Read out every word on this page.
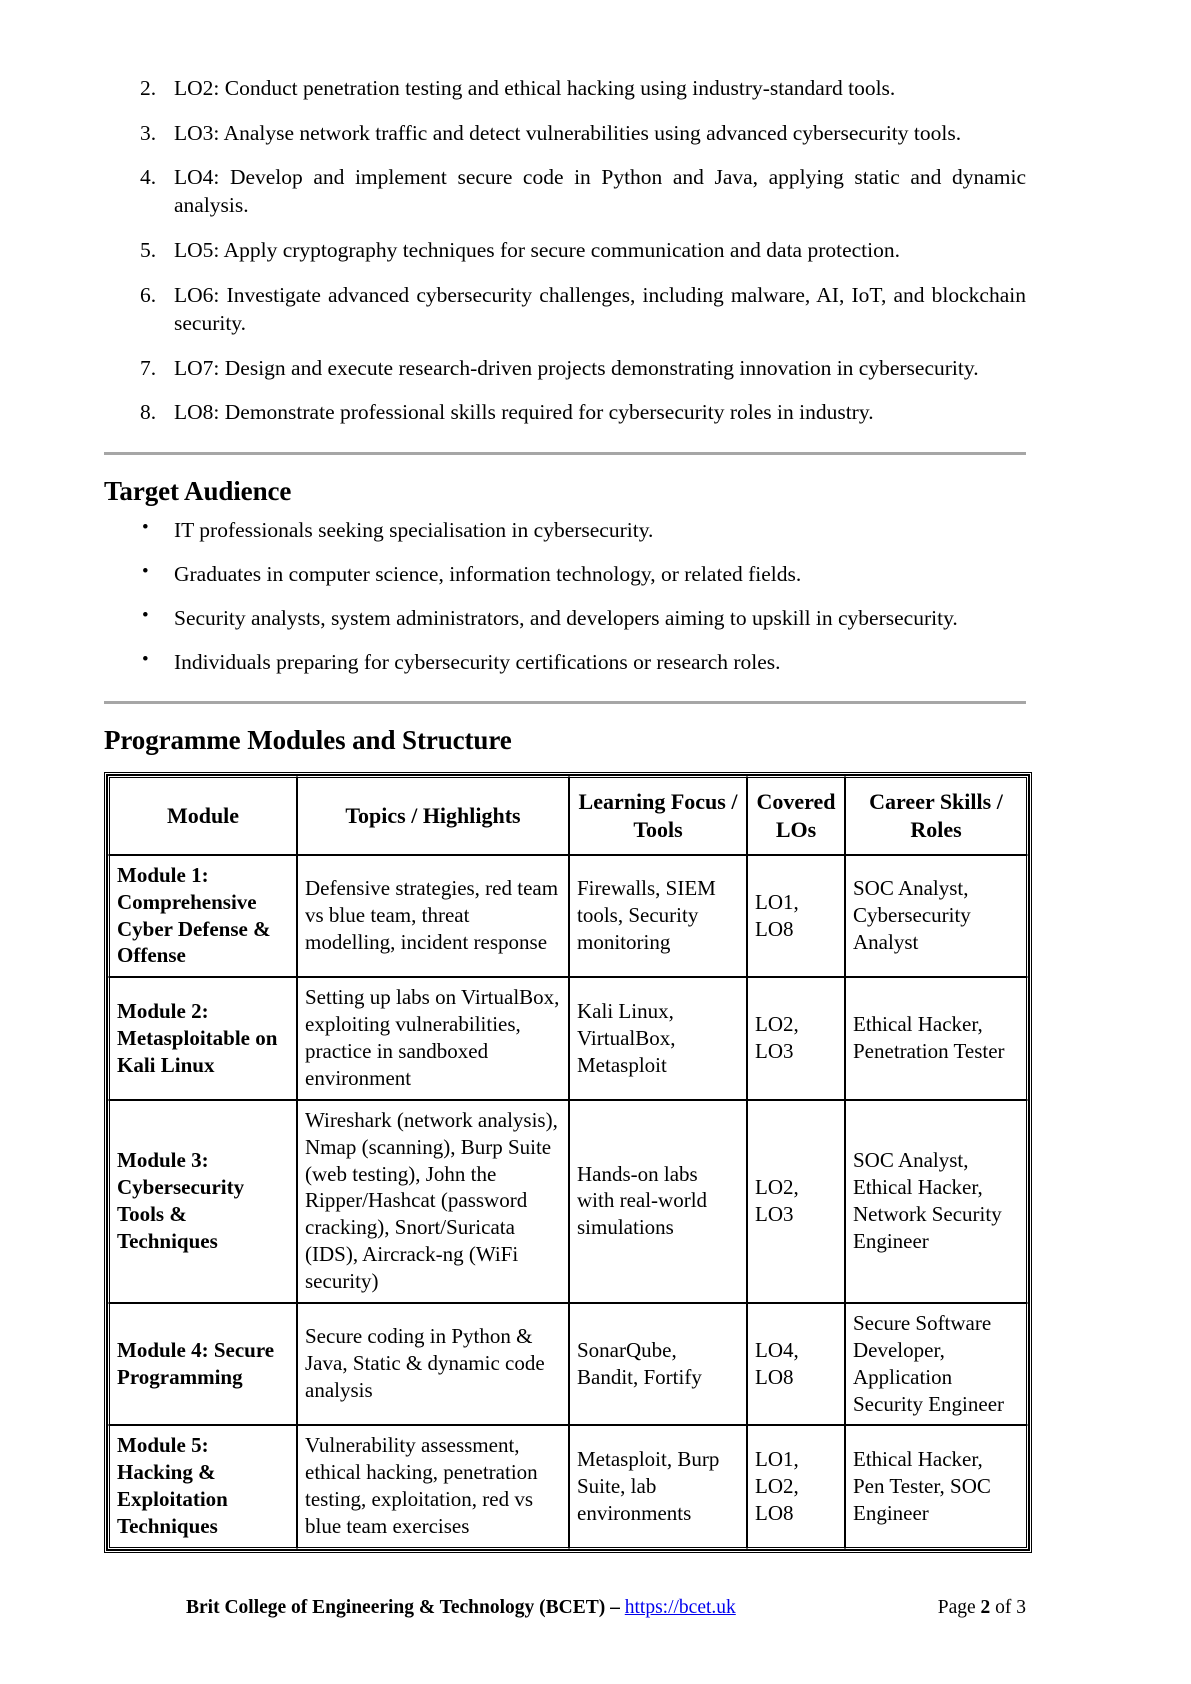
2. LO2: Conduct penetration testing and ethical hacking using industry-standard tools.
3. LO3: Analyse network traffic and detect vulnerabilities using advanced cybersecurity tools.
4. LO4: Develop and implement secure code in Python and Java, applying static and dynamic analysis.
5. LO5: Apply cryptography techniques for secure communication and data protection.
6. LO6: Investigate advanced cybersecurity challenges, including malware, AI, IoT, and blockchain security.
7. LO7: Design and execute research-driven projects demonstrating innovation in cybersecurity.
8. LO8: Demonstrate professional skills required for cybersecurity roles in industry.
Target Audience
• IT professionals seeking specialisation in cybersecurity.
• Graduates in computer science, information technology, or related fields.
• Security analysts, system administrators, and developers aiming to upskill in cybersecurity.
• Individuals preparing for cybersecurity certifications or research roles.
Programme Modules and Structure
Module	Topics / Highlights	Learning Focus / Tools	Covered LOs	Career Skills / Roles
Module 1: Comprehensive Cyber Defense & Offense	Defensive strategies, red team vs blue team, threat modelling, incident response	Firewalls, SIEM tools, Security monitoring	LO1, LO8	SOC Analyst, Cybersecurity Analyst
Module 2: Metasploitable on Kali Linux	Setting up labs on VirtualBox, exploiting vulnerabilities, practice in sandboxed environment	Kali Linux, VirtualBox, Metasploit	LO2, LO3	Ethical Hacker, Penetration Tester
Module 3: Cybersecurity Tools & Techniques	Wireshark (network analysis), Nmap (scanning), Burp Suite (web testing), John the Ripper/Hashcat (password cracking), Snort/Suricata (IDS), Aircrack-ng (WiFi security)	Hands-on labs with real-world simulations	LO2, LO3	SOC Analyst, Ethical Hacker, Network Security Engineer
Module 4: Secure Programming	Secure coding in Python & Java, Static & dynamic code analysis	SonarQube, Bandit, Fortify	LO4, LO8	Secure Software Developer, Application Security Engineer
Module 5: Hacking & Exploitation Techniques	Vulnerability assessment, ethical hacking, penetration testing, exploitation, red vs blue team exercises	Metasploit, Burp Suite, lab environments	LO1, LO2, LO8	Ethical Hacker, Pen Tester, SOC Engineer
Brit College of Engineering & Technology (BCET) – https://bcet.uk	Page 2 of 3
